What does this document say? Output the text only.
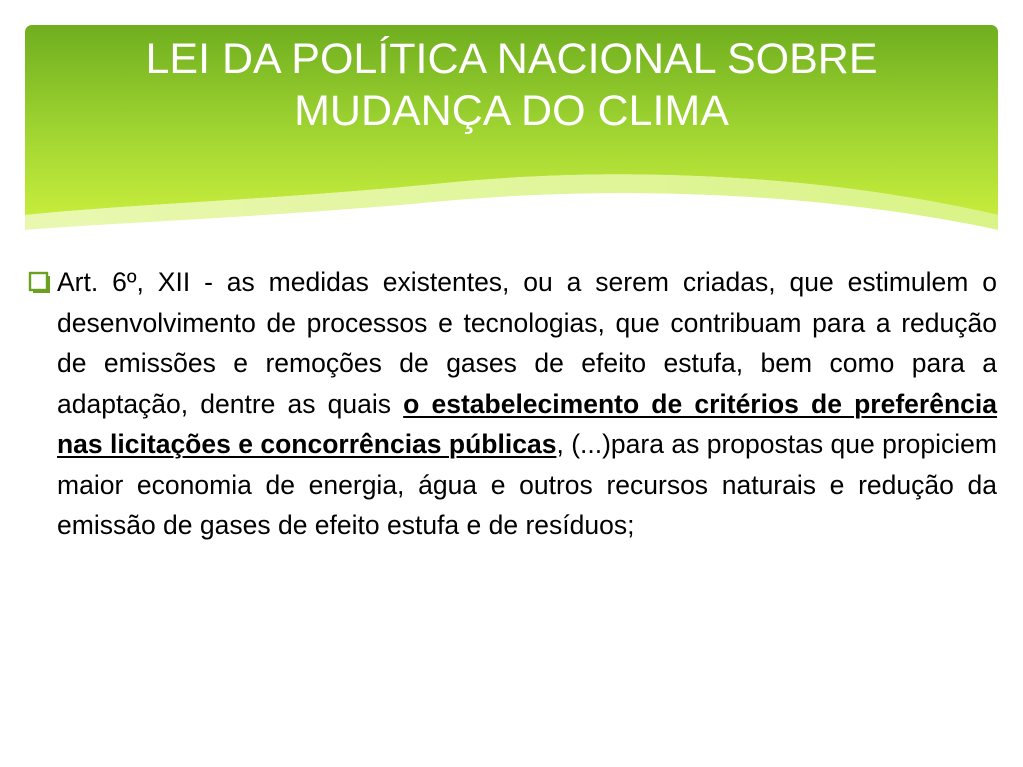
LEI DA POLÍTICA NACIONAL SOBRE
MUDANÇA DO CLIMA
Art. 6º, XII - as medidas existentes, ou a serem criadas, que estimulem o desenvolvimento de processos e tecnologias, que contribuam para a redução de emissões e remoções de gases de efeito estufa, bem como para a adaptação, dentre as quais o estabelecimento de critérios de preferência nas licitações e concorrências públicas, (...)para as propostas que propiciem maior economia de energia, água e outros recursos naturais e redução da emissão de gases de efeito estufa e de resíduos;
